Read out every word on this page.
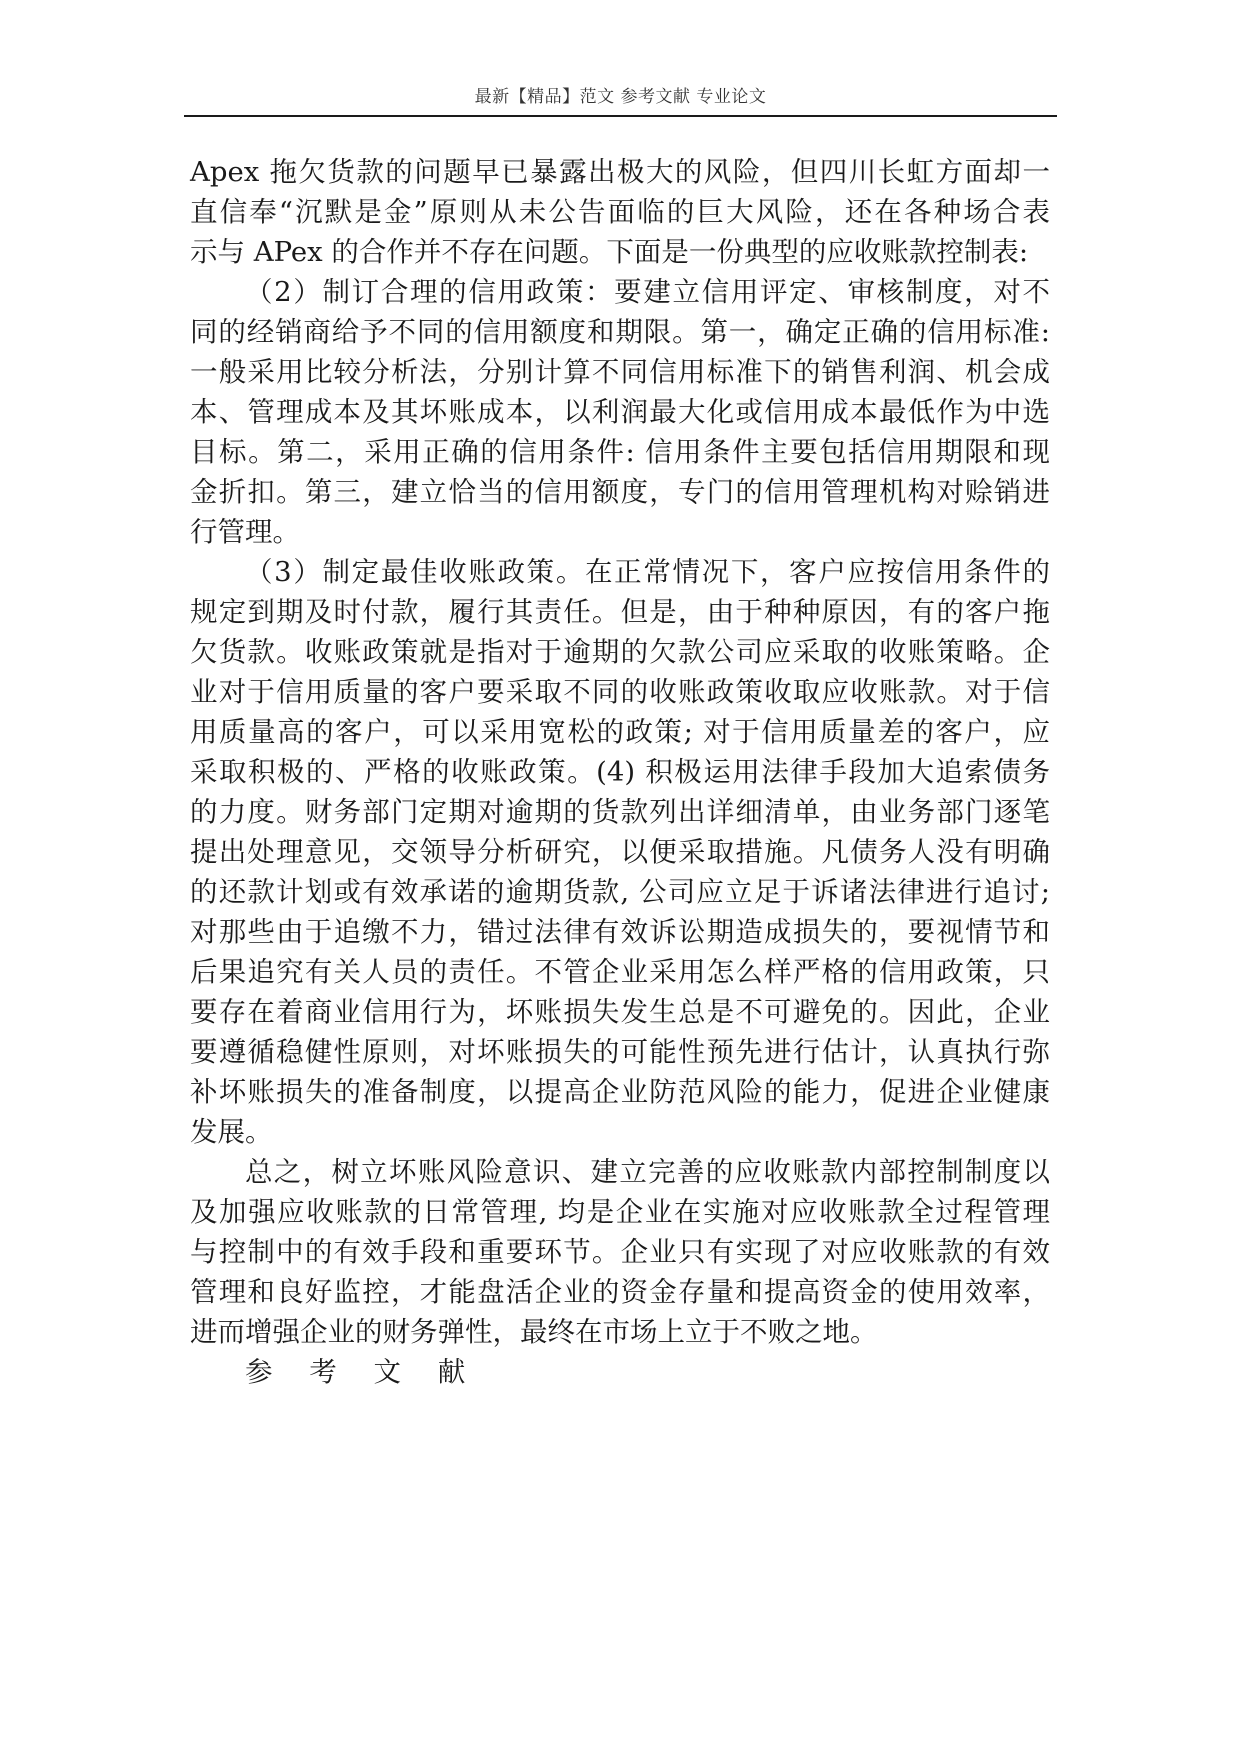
最新【精品】范文 参考文献 专业论文
Apex 拖欠货款的问题早已暴露出极大的风险，但四川长虹方面却一
直信奉“沉默是金”原则从未公告面临的巨大风险，还在各种场合表
示与 APex 的合作并不存在问题。下面是一份典型的应收账款控制表:
（2）制订合理的信用政策：要建立信用评定、审核制度，对不
同的经销商给予不同的信用额度和期限。第一，确定正确的信用标准:
一般采用比较分析法，分别计算不同信用标准下的销售利润、机会成
本、管理成本及其坏账成本，以利润最大化或信用成本最低作为中选
目标。第二，采用正确的信用条件: 信用条件主要包括信用期限和现
金折扣。第三，建立恰当的信用额度，专门的信用管理机构对赊销进
行管理。
（3）制定最佳收账政策。在正常情况下，客户应按信用条件的
规定到期及时付款，履行其责任。但是，由于种种原因，有的客户拖
欠货款。收账政策就是指对于逾期的欠款公司应采取的收账策略。企
业对于信用质量的客户要采取不同的收账政策收取应收账款。对于信
用质量高的客户，可以采用宽松的政策; 对于信用质量差的客户，应
采取积极的、严格的收账政策。(4) 积极运用法律手段加大追索债务
的力度。财务部门定期对逾期的货款列出详细清单，由业务部门逐笔
提出处理意见，交领导分析研究，以便采取措施。凡债务人没有明确
的还款计划或有效承诺的逾期货款, 公司应立足于诉诸法律进行追讨;
对那些由于追缴不力，错过法律有效诉讼期造成损失的，要视情节和
后果追究有关人员的责任。不管企业采用怎么样严格的信用政策，只
要存在着商业信用行为，坏账损失发生总是不可避免的。因此，企业
要遵循稳健性原则，对坏账损失的可能性预先进行估计，认真执行弥
补坏账损失的准备制度，以提高企业防范风险的能力，促进企业健康
发展。
总之，树立坏账风险意识、建立完善的应收账款内部控制制度以
及加强应收账款的日常管理, 均是企业在实施对应收账款全过程管理
与控制中的有效手段和重要环节。企业只有实现了对应收账款的有效
管理和良好监控，才能盘活企业的资金存量和提高资金的使用效率，
进而增强企业的财务弹性，最终在市场上立于不败之地。
参 考 文 献
